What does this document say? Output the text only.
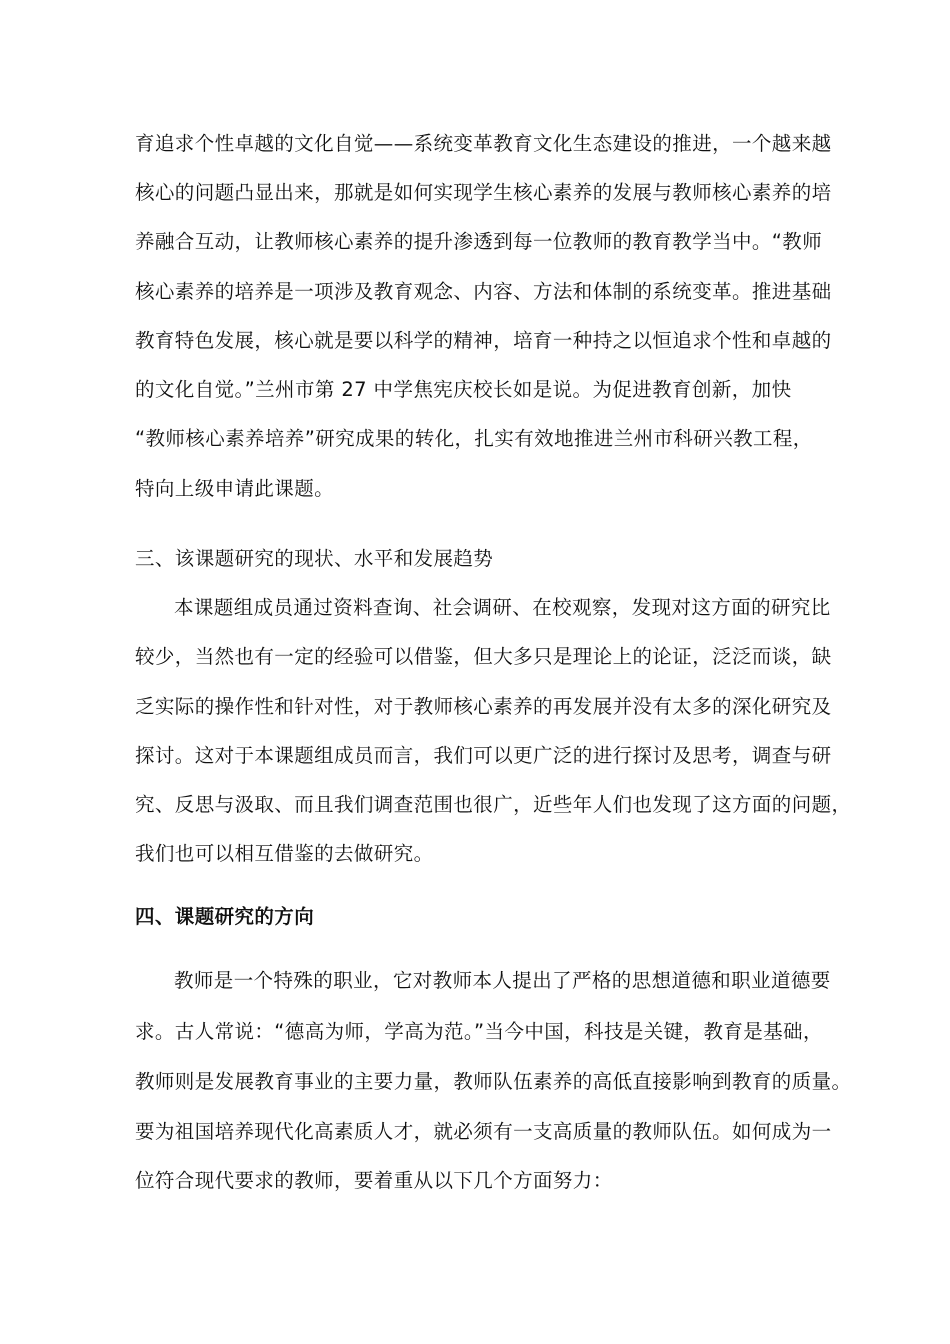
育追求个性卓越的文化自觉——系统变革教育文化生态建设的推进，一个越来越
核心的问题凸显出来，那就是如何实现学生核心素养的发展与教师核心素养的培
养融合互动，让教师核心素养的提升渗透到每一位教师的教育教学当中。“教师
核心素养的培养是一项涉及教育观念、内容、方法和体制的系统变革。推进基础
教育特色发展，核心就是要以科学的精神，培育一种持之以恒追求个性和卓越的
的文化自觉。”兰州市第 27 中学焦宪庆校长如是说。为促进教育创新，加快
“教师核心素养培养”研究成果的转化，扎实有效地推进兰州市科研兴教工程，
特向上级申请此课题。
三、该课题研究的现状、水平和发展趋势
本课题组成员通过资料查询、社会调研、在校观察，发现对这方面的研究比
较少，当然也有一定的经验可以借鉴，但大多只是理论上的论证，泛泛而谈，缺
乏实际的操作性和针对性，对于教师核心素养的再发展并没有太多的深化研究及
探讨。这对于本课题组成员而言，我们可以更广泛的进行探讨及思考，调查与研
究、反思与汲取、而且我们调查范围也很广，近些年人们也发现了这方面的问题，
我们也可以相互借鉴的去做研究。
四、课题研究的方向
教师是一个特殊的职业，它对教师本人提出了严格的思想道德和职业道德要
求。古人常说：“德高为师，学高为范。”当今中国，科技是关键，教育是基础，
教师则是发展教育事业的主要力量，教师队伍素养的高低直接影响到教育的质量。
要为祖国培养现代化高素质人才，就必须有一支高质量的教师队伍。如何成为一
位符合现代要求的教师，要着重从以下几个方面努力：
